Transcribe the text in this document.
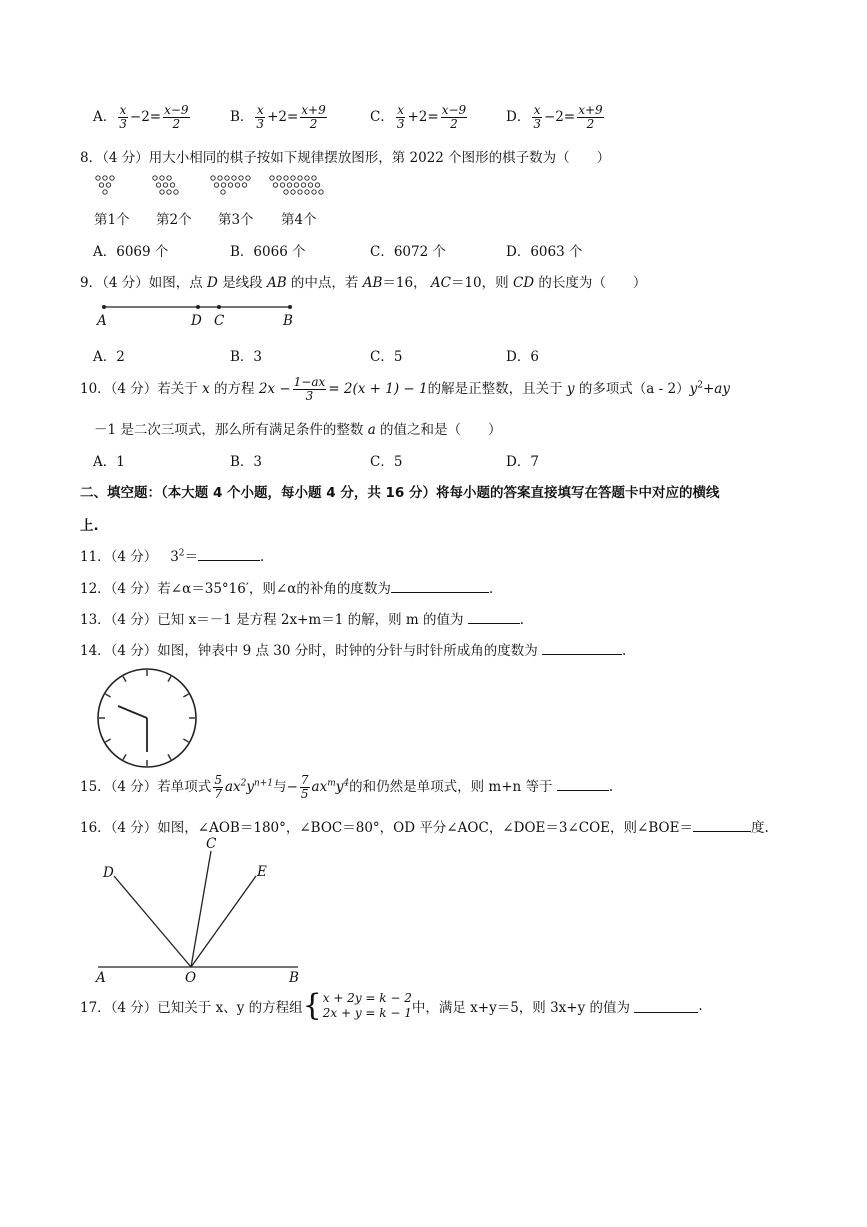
A． $\frac{x}{3} -2= \frac{x-9}{2}$	B． $\frac{x}{3} +2= \frac{x+9}{2}$	C． $\frac{x}{3} +2= \frac{x-9}{2}$	D． $\frac{x}{3} -2= \frac{x+9}{2}$
8．（4 分）用大小相同的棋子按如下规律摆放图形，第 2022 个图形的棋子数为（　　）
第1个 第2个 第3个 第4个
A．6069 个	B．6066 个	C．6072 个	D．6063 个
9．（4 分）如图，点 D 是线段 AB 的中点，若 AB＝16， AC＝10，则 CD 的长度为（　　）
A	D C	B
A．2	B．3	C．5	D．6
10．（4 分）若关于 x 的方程 $2x - \frac{1-ax}{3} = 2(x + 1) - 1$的解是正整数，且关于 y 的多项式$(a - 2)y^2+ay$
－1 是二次三项式，那么所有满足条件的整数 a 的值之和是（　　）
A．1	B．3	C．5	D．7
二、填空题：（本大题 4 个小题，每小题 4 分，共 16 分）将每小题的答案直接填写在答题卡中对应的横线
上.
11．（4 分） $3^2=$	.
12．（4 分）若∠α＝35°16′，则∠α的补角的度数为	.
13．（4 分）已知 x＝－1 是方程 2x+m＝1 的解，则 m 的值为	.
14．（4 分）如图，钟表中 9 点 30 分时，时钟的分针与时针所成角的度数为	.
15．（4 分）若单项式 $\frac{5}{7} ax^2y^{n+1}$与− $\frac{7}{5} ax^my^4$的和仍然是单项式，则 m+n 等于	.
16．（4 分）如图，∠AOB＝180°，∠BOC＝80°，OD 平分∠AOC，∠DOE＝3∠COE，则∠BOE＝	度.
D
C
E
A	O	B
17．（4 分）已知关于 x、y 的方程组{ x + 2y = k − 2
2x + y = k − 1 中，满足 x+y＝5，则 3x+y 的值为	.
